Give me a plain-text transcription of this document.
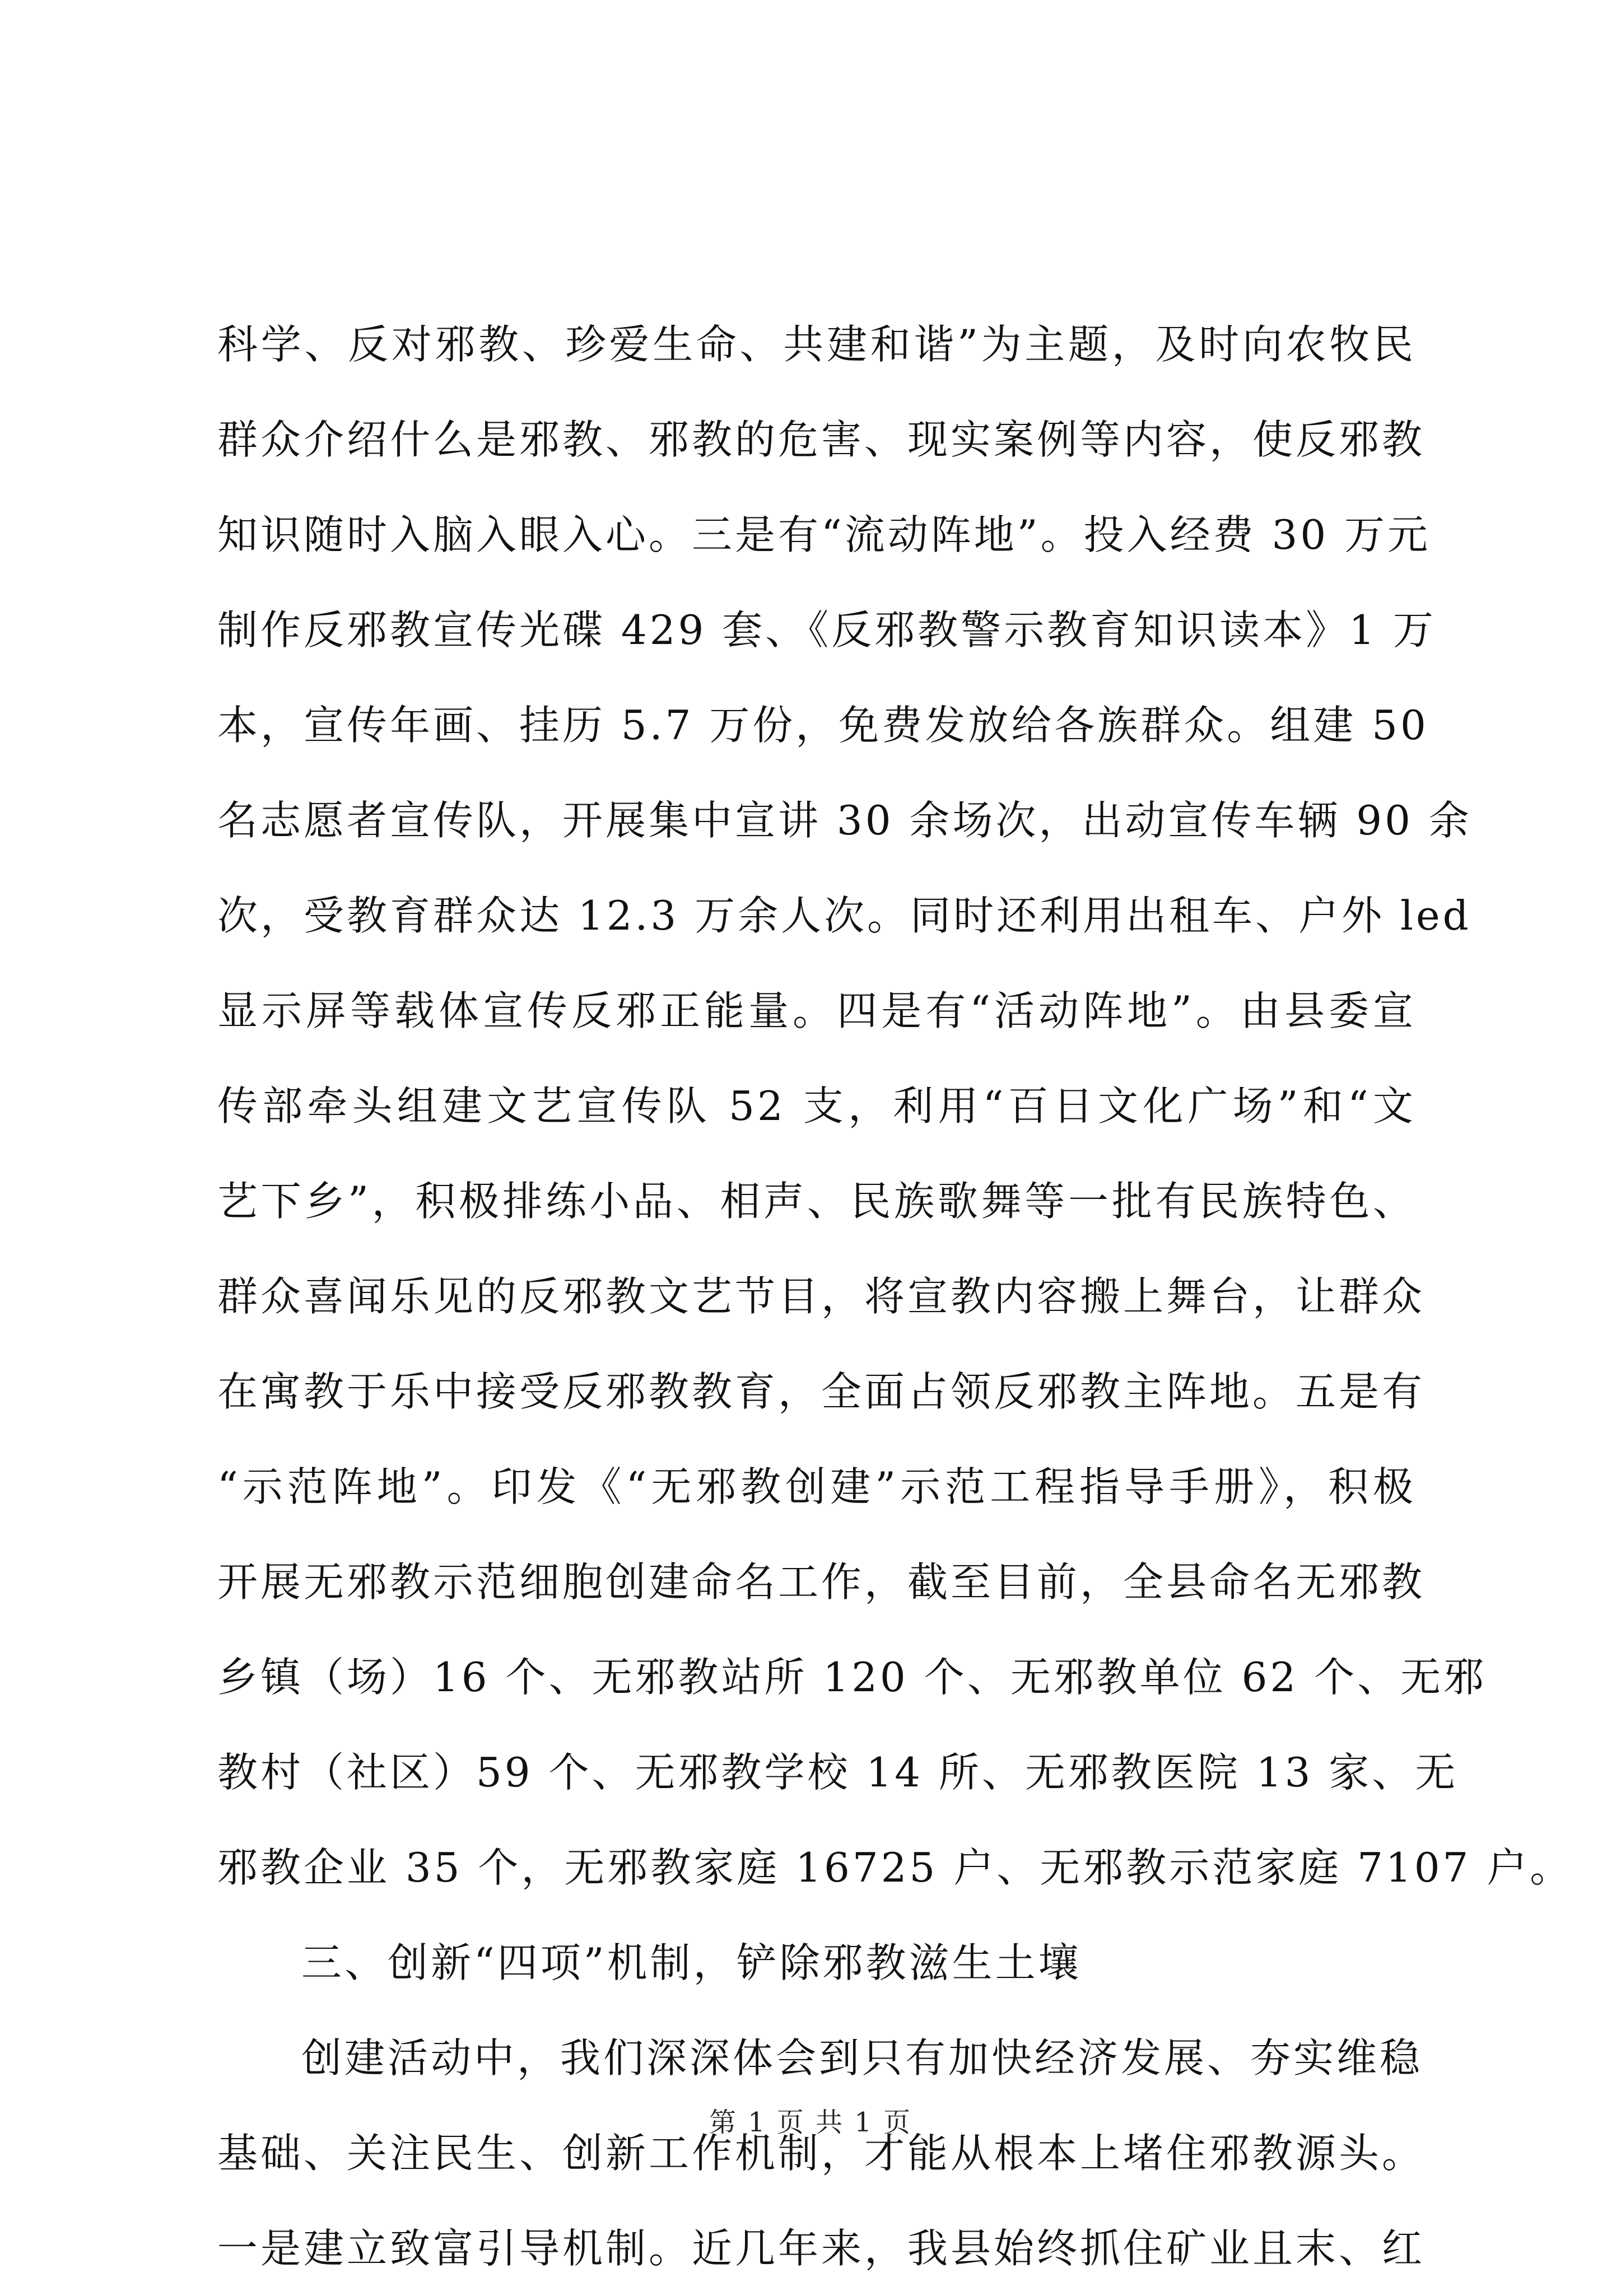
科学、反对邪教、珍爱生命、共建和谐”为主题，及时向农牧民
群众介绍什么是邪教、邪教的危害、现实案例等内容，使反邪教
知识随时入脑入眼入心。三是有“流动阵地”。投入经费 30 万元
制作反邪教宣传光碟 429 套、《反邪教警示教育知识读本》1 万
本，宣传年画、挂历 5.7 万份，免费发放给各族群众。组建 50
名志愿者宣传队，开展集中宣讲 30 余场次，出动宣传车辆 90 余
次，受教育群众达 12.3 万余人次。同时还利用出租车、户外 led
显示屏等载体宣传反邪正能量。四是有“活动阵地”。由县委宣
传部牵头组建文艺宣传队 52 支，利用“百日文化广场”和“文
艺下乡”，积极排练小品、相声、民族歌舞等一批有民族特色、
群众喜闻乐见的反邪教文艺节目，将宣教内容搬上舞台，让群众
在寓教于乐中接受反邪教教育，全面占领反邪教主阵地。五是有
“示范阵地”。印发《“无邪教创建”示范工程指导手册》，积极
开展无邪教示范细胞创建命名工作，截至目前，全县命名无邪教
乡镇（场）16 个、无邪教站所 120 个、无邪教单位 62 个、无邪
教村（社区）59 个、无邪教学校 14 所、无邪教医院 13 家、无
邪教企业 35 个，无邪教家庭 16725 户、无邪教示范家庭 7107 户。
三、创新“四项”机制，铲除邪教滋生土壤
创建活动中，我们深深体会到只有加快经济发展、夯实维稳
基础、关注民生、创新工作机制，才能从根本上堵住邪教源头。
一是建立致富引导机制。近几年来，我县始终抓住矿业且末、红
第 1 页 共 1 页
